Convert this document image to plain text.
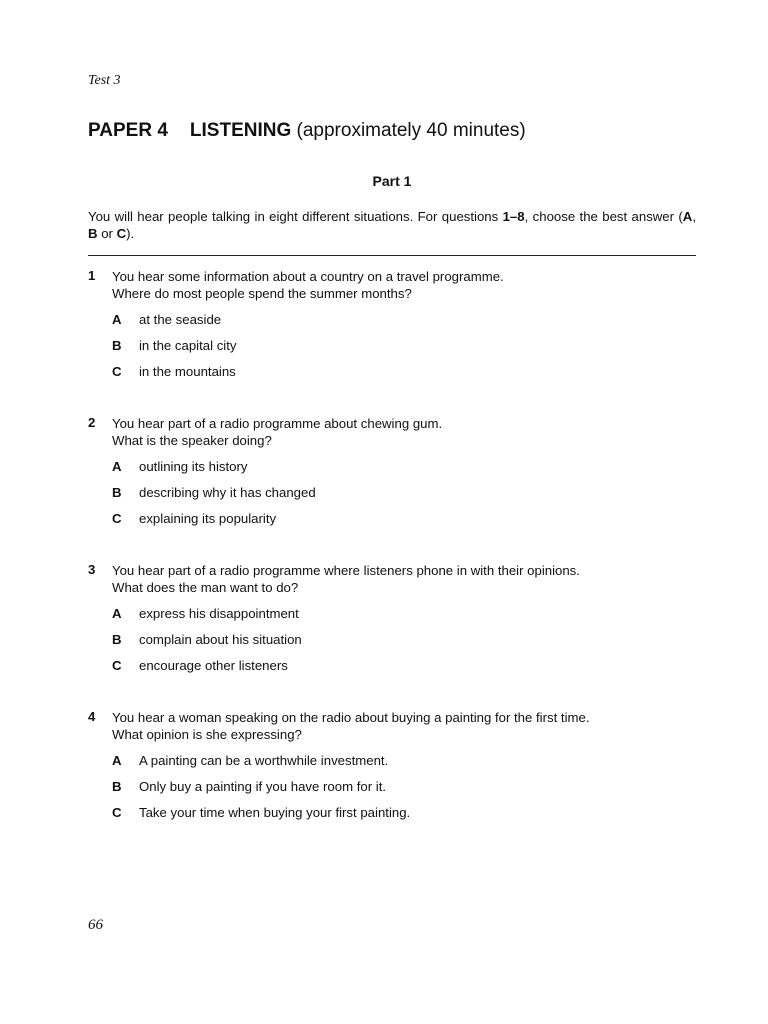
Test 3
PAPER 4 LISTENING (approximately 40 minutes)
Part 1
You will hear people talking in eight different situations. For questions 1–8, choose the best answer (A, B or C).
1 You hear some information about a country on a travel programme.
Where do most people spend the summer months?
A at the seaside
B in the capital city
C in the mountains
2 You hear part of a radio programme about chewing gum.
What is the speaker doing?
A outlining its history
B describing why it has changed
C explaining its popularity
3 You hear part of a radio programme where listeners phone in with their opinions.
What does the man want to do?
A express his disappointment
B complain about his situation
C encourage other listeners
4 You hear a woman speaking on the radio about buying a painting for the first time.
What opinion is she expressing?
A A painting can be a worthwhile investment.
B Only buy a painting if you have room for it.
C Take your time when buying your first painting.
66
